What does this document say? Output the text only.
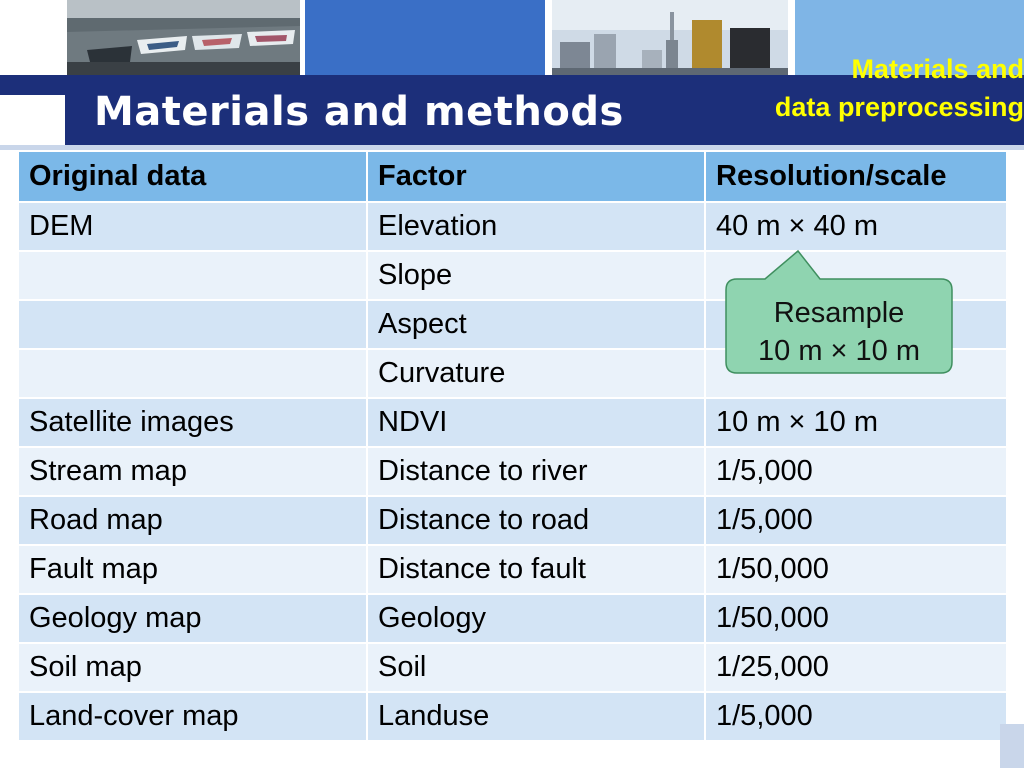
Materials and methods
Materials and
data preprocessing
Original data	Factor	Resolution/scale
DEM	Elevation	40 m × 40 m
	Slope	
	Aspect	
	Curvature	
Satellite images	NDVI	10 m × 10 m
Stream map	Distance to river	1/5,000
Road map	Distance to road	1/5,000
Fault map	Distance to fault	1/50,000
Geology map	Geology	1/50,000
Soil map	Soil	1/25,000
Land-cover map	Landuse	1/5,000
Resample
10 m × 10 m
